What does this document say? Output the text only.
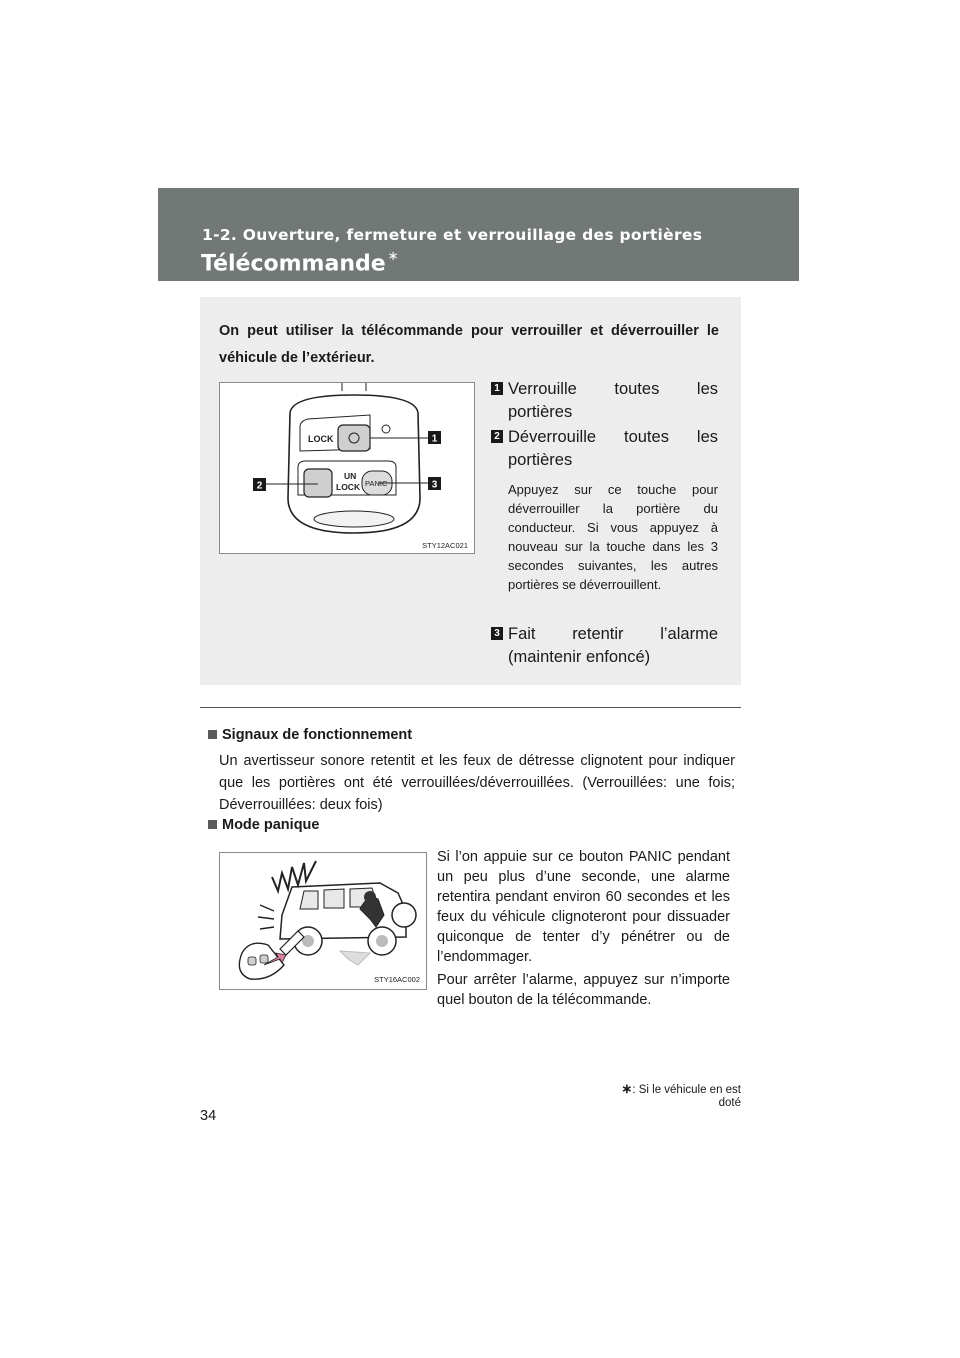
1-2. Ouverture, fermeture et verrouillage des portières
Télécommande ∗
On peut utiliser la télécommande pour verrouiller et déverrouiller le véhicule de l’extérieur.
LOCK
UN
LOCK PANIC
1
2	3
STY12AC021
1 Verrouille toutes les portières
2 Déverrouille toutes les portières
Appuyez sur ce touche pour déverrouiller la portière du conducteur. Si vous appuyez à nouveau sur la touche dans les 3 secondes suivantes, les autres portières se déverrouillent.
3 Fait retentir l’alarme (maintenir enfoncé)
Signaux de fonctionnement
Un avertisseur sonore retentit et les feux de détresse clignotent pour indiquer que les portières ont été verrouillées/déverrouillées. (Verrouillées: une fois; Déverrouillées: deux fois)
Mode panique
STY16AC002
Si l’on appuie sur ce bouton PANIC pendant un peu plus d’une seconde, une alarme retentira pendant environ 60 secondes et les feux du véhicule clignoteront pour dissuader quiconque de tenter d’y pénétrer ou de l’endommager.
Pour arrêter l’alarme, appuyez sur n’importe quel bouton de la télécommande.
∗: Si le véhicule en est doté
34
